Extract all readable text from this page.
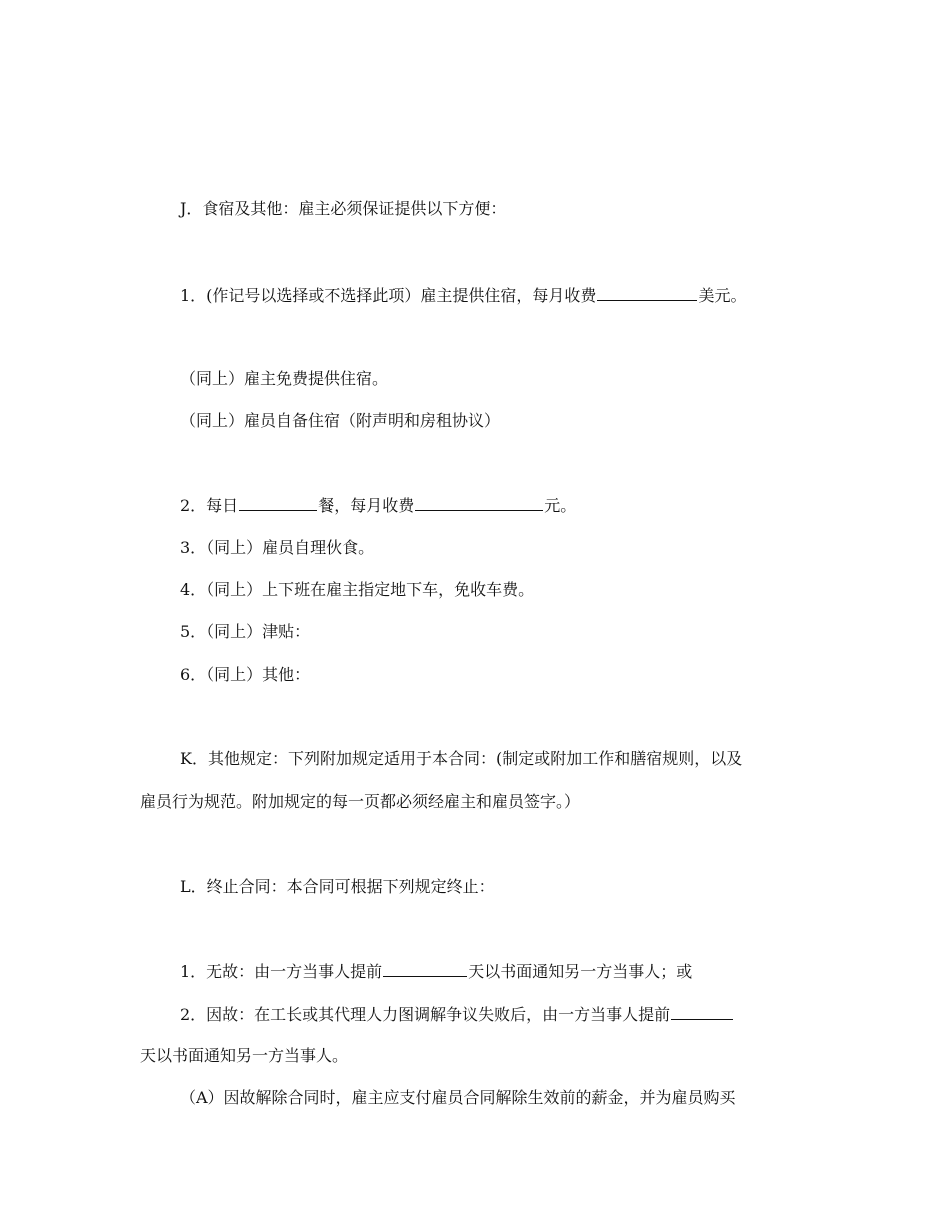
J．食宿及其他：雇主必须保证提供以下方便：
1．(作记号以选择或不选择此项）雇主提供住宿，每月收费	美元。
（同上）雇主免费提供住宿。
（同上）雇员自备住宿（附声明和房租协议）
2．每日	餐，每月收费	元。
3．（同上）雇员自理伙食。
4．（同上）上下班在雇主指定地下车，免收车费。
5．（同上）津贴：
6．（同上）其他：
K．其他规定：下列附加规定适用于本合同：(制定或附加工作和膳宿规则，以及
雇员行为规范。附加规定的每一页都必须经雇主和雇员签字。）
L．终止合同：本合同可根据下列规定终止：
1．无故：由一方当事人提前	天以书面通知另一方当事人；或
2．因故：在工长或其代理人力图调解争议失败后，由一方当事人提前
天以书面通知另一方当事人。
（A）因故解除合同时，雇主应支付雇员合同解除生效前的薪金，并为雇员购买
